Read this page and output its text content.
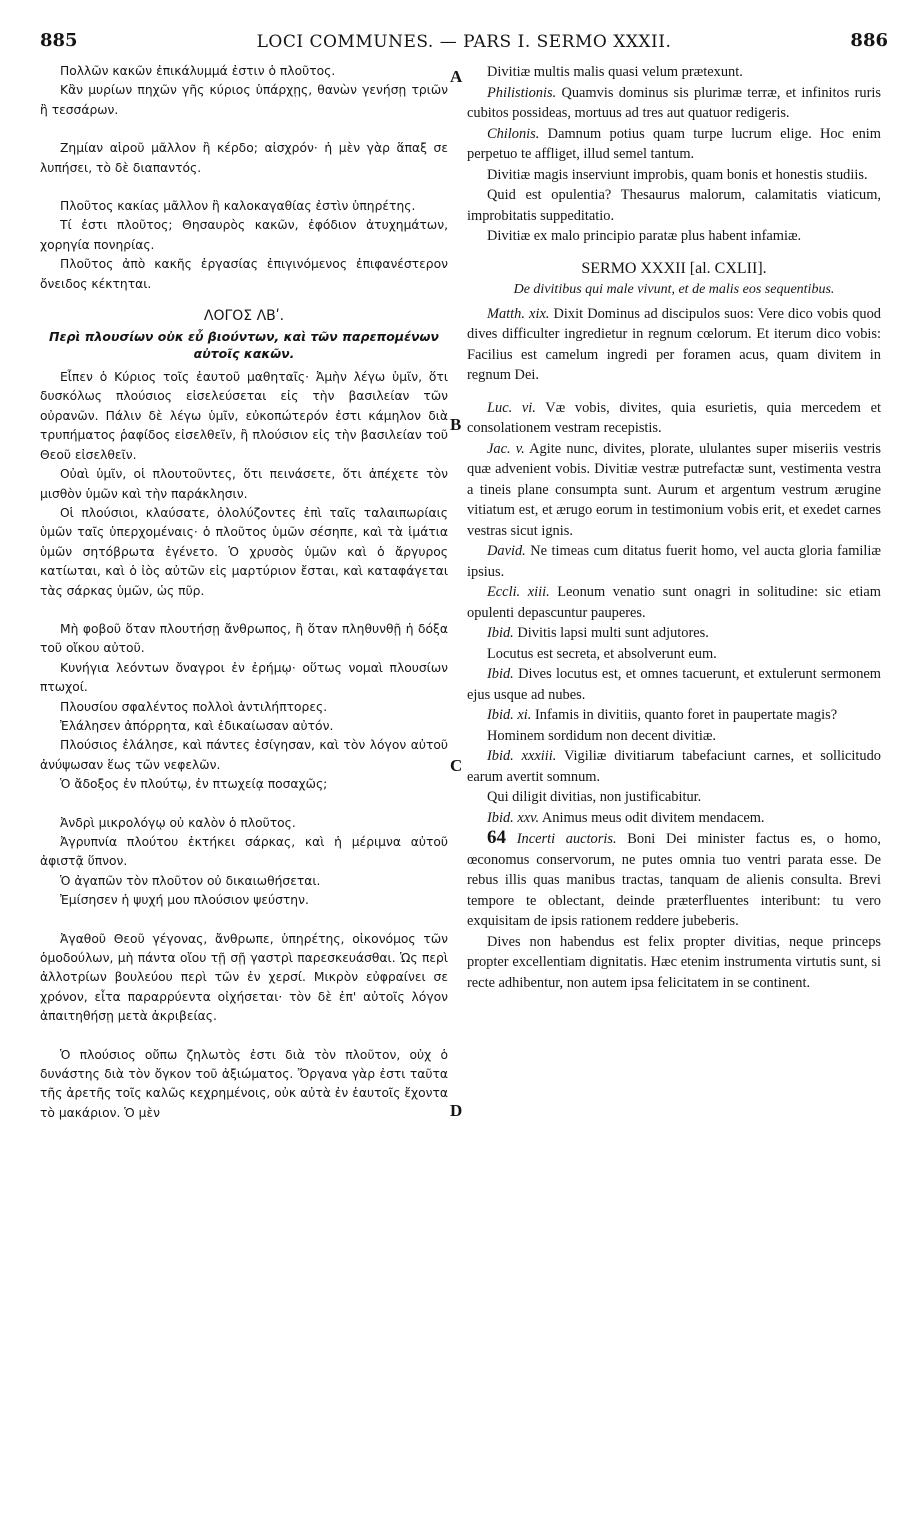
885	LOCI COMMUNES. — PARS I. SERMO XXXII.	886
A
B
C
D

Πολλῶν κακῶν ἐπικάλυμμά ἐστιν ὁ πλοῦτος.

Κἂν μυρίων πηχῶν γῆς κύριος ὑπάρχῃς, θανὼν γενήσῃ τριῶν ἢ τεσσάρων.

Ζημίαν αἱροῦ μᾶλλον ἢ κέρδο; αἰσχρόν· ἡ μὲν γὰρ ἅπαξ σε λυπήσει, τὸ δὲ διαπαντός.

Πλοῦτος κακίας μᾶλλον ἢ καλοκαγαθίας ἐστὶν ὑπηρέτης.

Τί ἐστι πλοῦτος; Θησαυρὸς κακῶν, ἐφόδιον ἀτυχημάτων, χορηγία πονηρίας.

Πλοῦτος ἀπὸ κακῆς ἐργασίας ἐπιγινόμενος ἐπιφανέστερον ὄνειδος κέκτηται.

ΛΟΓΟΣ ΛΒʹ.
Περὶ πλουσίων οὐκ εὖ βιούντων, καὶ τῶν παρεπομένων αὐτοῖς κακῶν.

Εἶπεν ὁ Κύριος τοῖς ἑαυτοῦ μαθηταῖς· Ἀμὴν λέγω ὑμῖν, ὅτι δυσκόλως πλούσιος εἰσελεύσεται εἰς τὴν βασιλείαν τῶν οὐρανῶν. Πάλιν δὲ λέγω ὑμῖν, εὐκοπώτερόν ἐστι κάμηλον διὰ τρυπήματος ῥαφίδος εἰσελθεῖν, ἢ πλούσιον εἰς τὴν βασιλείαν τοῦ Θεοῦ εἰσελθεῖν.

Οὐαὶ ὑμῖν, οἱ πλουτοῦντες, ὅτι πεινάσετε, ὅτι ἀπέχετε τὸν μισθὸν ὑμῶν καὶ τὴν παράκλησιν.

Οἱ πλούσιοι, κλαύσατε, ὀλολύζοντες ἐπὶ ταῖς ταλαιπωρίαις ὑμῶν ταῖς ὑπερχομέναις· ὁ πλοῦτος ὑμῶν σέσηπε, καὶ τὰ ἱμάτια ὑμῶν σητόβρωτα ἐγένετο. Ὁ χρυσὸς ὑμῶν καὶ ὁ ἄργυρος κατίωται, καὶ ὁ ἰὸς αὐτῶν εἰς μαρτύριον ἔσται, καὶ καταφάγεται τὰς σάρκας ὑμῶν, ὡς πῦρ.

Μὴ φοβοῦ ὅταν πλουτήσῃ ἄνθρωπος, ἢ ὅταν πληθυνθῇ ἡ δόξα τοῦ οἴκου αὐτοῦ.

Κυνήγια λεόντων ὄναγροι ἐν ἐρήμῳ· οὕτως νομαὶ πλουσίων πτωχοί.

Πλουσίου σφαλέντος πολλοὶ ἀντιλήπτορες.

Ἐλάλησεν ἀπόρρητα, καὶ ἐδικαίωσαν αὐτόν.

Πλούσιος ἐλάλησε, καὶ πάντες ἐσίγησαν, καὶ τὸν λόγον αὐτοῦ ἀνύψωσαν ἕως τῶν νεφελῶν.

Ὁ ἄδοξος ἐν πλούτῳ, ἐν πτωχείᾳ ποσαχῶς;

Ἀνδρὶ μικρολόγῳ οὐ καλὸν ὁ πλοῦτος.

Ἀγρυπνία πλούτου ἐκτήκει σάρκας, καὶ ἡ μέριμνα αὐτοῦ ἀφιστᾷ ὕπνον.

Ὁ ἀγαπῶν τὸν πλοῦτον οὐ δικαιωθήσεται.

Ἐμίσησεν ἡ ψυχή μου πλούσιον ψεύστην.

Ἀγαθοῦ Θεοῦ γέγονας, ἄνθρωπε, ὑπηρέτης, οἰκονόμος τῶν ὁμοδούλων, μὴ πάντα οἴου τῇ σῇ γαστρὶ παρεσκευάσθαι. Ὡς περὶ ἀλλοτρίων βουλεύου περὶ τῶν ἐν χερσί. Μικρὸν εὐφραίνει σε χρόνον, εἶτα παραρρύεντα οἰχήσεται· τὸν δὲ ἐπ' αὐτοῖς λόγον ἀπαιτηθήσῃ μετὰ ἀκριβείας.

Ὁ πλούσιος οὔπω ζηλωτὸς ἐστι διὰ τὸν πλοῦτον, οὐχ ὁ δυνάστης διὰ τὸν ὄγκον τοῦ ἀξιώματος. Ὄργανα γὰρ ἐστι ταῦτα τῆς ἀρετῆς τοῖς καλῶς κεχρημένοις, οὐκ αὐτὰ ἐν ἑαυτοῖς ἔχοντα τὸ μακάριον. Ὁ μὲν

Divitiæ multis malis quasi velum prætexunt.

Philistionis. Quamvis dominus sis plurimæ terræ, et infinitos ruris cubitos possideas, mortuus ad tres aut quatuor redigeris.

Chilonis. Damnum potius quam turpe lucrum elige. Hoc enim perpetuo te affliget, illud semel tantum.

Divitiæ magis inserviunt improbis, quam bonis et honestis studiis.

Quid est opulentia? Thesaurus malorum, calamitatis viaticum, improbitatis suppeditatio.

Divitiæ ex malo principio paratæ plus habent infamiæ.

SERMO XXXII [al. CXLII].
De divitibus qui male vivunt, et de malis eos sequentibus.

Matth. xix. Dixit Dominus ad discipulos suos: Vere dico vobis quod dives difficulter ingredietur in regnum cœlorum. Et iterum dico vobis: Facilius est camelum ingredi per foramen acus, quam divitem in regnum Dei.

Luc. vi. Væ vobis, divites, quia esurietis, quia mercedem et consolationem vestram recepistis.

Jac. v. Agite nunc, divites, plorate, ululantes super miseriis vestris quæ advenient vobis. Divitiæ vestræ putrefactæ sunt, vestimenta vestra a tineis plane consumpta sunt. Aurum et argentum vestrum ærugine vitiatum est, et ærugo eorum in testimonium vobis erit, et exedet carnes vestras sicut ignis.

David. Ne timeas cum ditatus fuerit homo, vel aucta gloria familiæ ipsius.

Eccli. xiii. Leonum venatio sunt onagri in solitudine: sic etiam opulenti depascuntur pauperes.

Ibid. Divitis lapsi multi sunt adjutores.

Locutus est secreta, et absolverunt eum.

Ibid. Dives locutus est, et omnes tacuerunt, et extulerunt sermonem ejus usque ad nubes.

Ibid. xi. Infamis in divitiis, quanto foret in paupertate magis?

Hominem sordidum non decent divitiæ.

Ibid. xxxiii. Vigiliæ divitiarum tabefaciunt carnes, et sollicitudo earum avertit somnum.

Qui diligit divitias, non justificabitur.

Ibid. xxv. Animus meus odit divitem mendacem.

64 Incerti auctoris. Boni Dei minister factus es, o homo, œconomus conservorum, ne putes omnia tuo ventri parata esse. De rebus illis quas manibus tractas, tanquam de alienis consulta. Brevi tempore te oblectant, deinde præterfluentes interibunt: tu vero exquisitam de ipsis rationem reddere jubeberis.

Dives non habendus est felix propter divitias, neque princeps propter excellentiam dignitatis. Hæc etenim instrumenta virtutis sunt, si recte adhibentur, non autem ipsa felicitatem in se continent.
